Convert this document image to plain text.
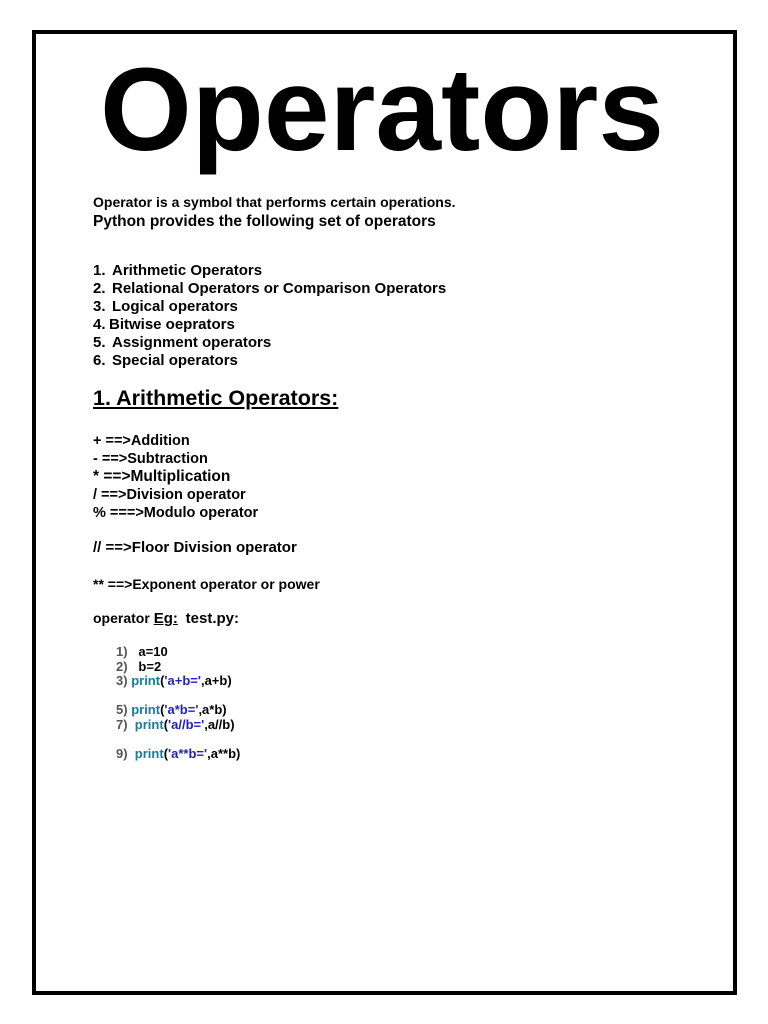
Operators

Operator is a symbol that performs certain operations. Python provides the following set of operators

1. Arithmetic Operators
2. Relational Operators or Comparison Operators
3. Logical operators
4. Bitwise oeprators
5. Assignment operators
6. Special operators
1. Arithmetic Operators:
+ ==>Addition
- ==>Subtraction
* ==>Multiplication
/ ==>Division operator
% ===>Modulo operator

// ==>Floor Division operator

** ==>Exponent operator or power

operator Eg: test.py:

1) a=10
2) b=2
3) print('a+b=',a+b)
5) print('a*b=',a*b)
7) print('a//b=',a//b)
9) print('a**b=',a**b)
